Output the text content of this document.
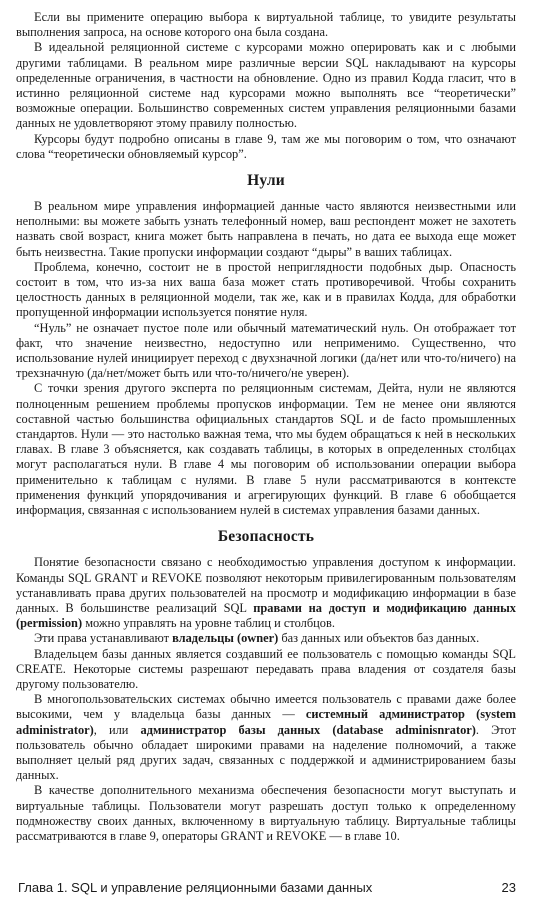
Если вы примените операцию выбора к виртуальной таблице, то увидите результаты выполнения запроса, на основе которого она была создана.

В идеальной реляционной системе с курсорами можно оперировать как и с любыми другими таблицами. В реальном мире различные версии SQL накладывают на курсоры определенные ограничения, в частности на обновление. Одно из правил Кодда гласит, что в истинно реляционной системе над курсорами можно выполнять все “теоретически” возможные операции. Большинство современных систем управления реляционными базами данных не удовлетворяют этому правилу полностью.

Курсоры будут подробно описаны в главе 9, там же мы поговорим о том, что означают слова “теоретически обновляемый курсор”.

Нули

В реальном мире управления информацией данные часто являются неизвестными или неполными: вы можете забыть узнать телефонный номер, ваш респондент может не захотеть назвать свой возраст, книга может быть направлена в печать, но дата ее выхода еще может быть неизвестна. Такие пропуски информации создают “дыры” в ваших таблицах.

Проблема, конечно, состоит не в простой неприглядности подобных дыр. Опасность состоит в том, что из-за них ваша база может стать противоречивой. Чтобы сохранить целостность данных в реляционной модели, так же, как и в правилах Кодда, для обработки пропущенной информации используется понятие нуля.

“Нуль” не означает пустое поле или обычный математический нуль. Он отображает тот факт, что значение неизвестно, недоступно или неприменимо. Существенно, что использование нулей инициирует переход с двухзначной логики (да/нет или что-то/ничего) на трехзначную (да/нет/может быть или что-то/ничего/не уверен).

С точки зрения другого эксперта по реляционным системам, Дейта, нули не являются полноценным решением проблемы пропусков информации. Тем не менее они являются составной частью большинства официальных стандартов SQL и de facto промышленных стандартов. Нули — это настолько важная тема, что мы будем обращаться к ней в нескольких главах. В главе 3 объясняется, как создавать таблицы, в которых в определенных столбцах могут располагаться нули. В главе 4 мы поговорим об использовании операции выбора применительно к таблицам с нулями. В главе 5 нули рассматриваются в контексте применения функций упорядочивания и агрегирующих функций. В главе 6 обобщается информация, связанная с использованием нулей в системах управления базами данных.

Безопасность

Понятие безопасности связано с необходимостью управления доступом к информации. Команды SQL GRANT и REVOKE позволяют некоторым привилегированным пользователям устанавливать права других пользователей на просмотр и модификацию информации в базе данных. В большинстве реализаций SQL правами на доступ и модификацию данных (permission) можно управлять на уровне таблиц и столбцов.

Эти права устанавливают владельцы (owner) баз данных или объектов баз данных.

Владельцем базы данных является создавший ее пользователь с помощью команды SQL CREATE. Некоторые системы разрешают передавать права владения от создателя базы другому пользователю.

В многопользовательских системах обычно имеется пользователь с правами даже более высокими, чем у владельца базы данных — системный администратор (system administrator), или администратор базы данных (database adminisnrator). Этот пользователь обычно обладает широкими правами на наделение полномочий, а также выполняет целый ряд других задач, связанных с поддержкой и администрированием базы данных.

В качестве дополнительного механизма обеспечения безопасности могут выступать и виртуальные таблицы. Пользователи могут разрешать доступ только к определенному подмножеству своих данных, включенному в виртуальную таблицу. Виртуальные таблицы рассматриваются в главе 9, операторы GRANT и REVOKE — в главе 10.

Глава 1. SQL и управление реляционными базами данных	23
